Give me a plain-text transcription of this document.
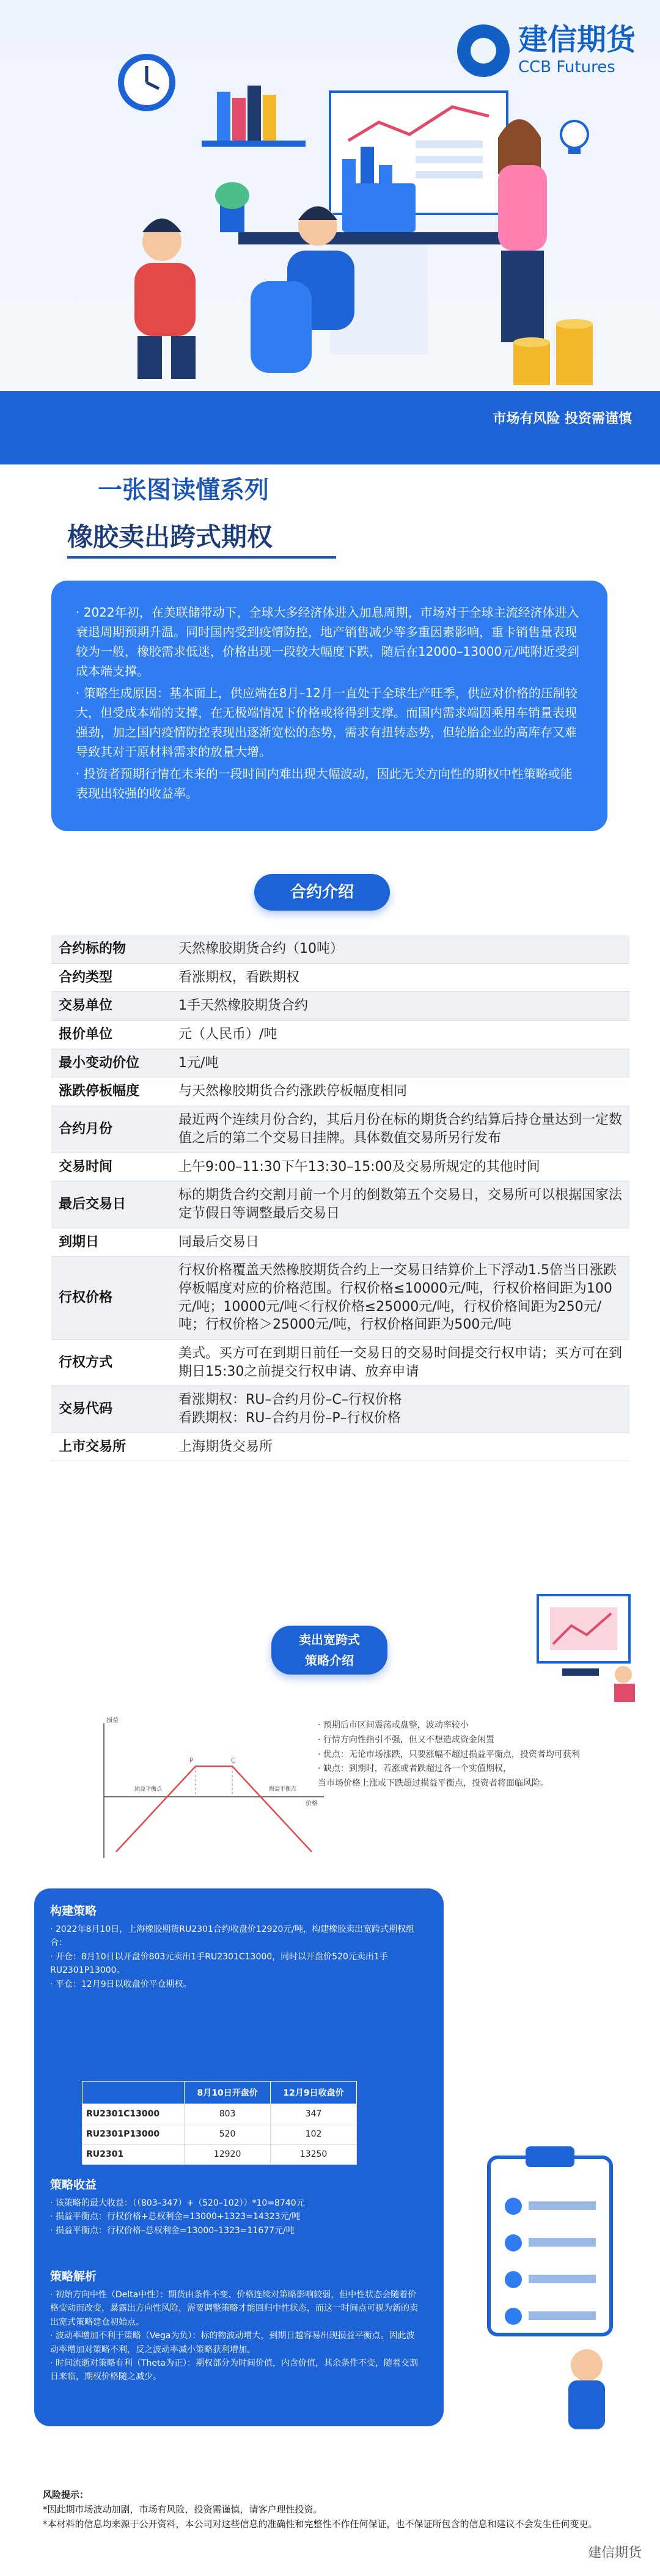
建信期货
CCB Futures
市场有风险 投资需谨慎
一张图读懂系列
橡胶卖出跨式期权

· 2022年初，在美联储带动下，全球大多经济体进入加息周期，市场对于全球主流经济体进入衰退周期预期升温。同时国内受到疫情防控，地产销售减少等多重因素影响，重卡销售量表现较为一般，橡胶需求低迷，价格出现一段较大幅度下跌，随后在12000–13000元/吨附近受到成本端支撑。

· 策略生成原因：基本面上，供应端在8月–12月一直处于全球生产旺季，供应对价格的压制较大，但受成本端的支撑，在无极端情况下价格或将得到支撑。而国内需求端因乘用车销量表现强劲，加之国内疫情防控表现出逐渐宽松的态势，需求有扭转态势，但轮胎企业的高库存又难导致其对于原材料需求的放量大增。

· 投资者预期行情在未来的一段时间内难出现大幅波动，因此无关方向性的期权中性策略或能表现出较强的收益率。

合约介绍
合约标的物	天然橡胶期货合约（10吨）
合约类型	看涨期权，看跌期权
交易单位	1手天然橡胶期货合约
报价单位	元（人民币）/吨
最小变动价位	1元/吨
涨跌停板幅度	与天然橡胶期货合约涨跌停板幅度相同
合约月份	最近两个连续月份合约，其后月份在标的期货合约结算后持仓量达到一定数值之后的第二个交易日挂牌。具体数值交易所另行发布
交易时间	上午9:00–11:30下午13:30–15:00及交易所规定的其他时间
最后交易日	标的期货合约交割月前一个月的倒数第五个交易日，交易所可以根据国家法定节假日等调整最后交易日
到期日	同最后交易日
行权价格	行权价格覆盖天然橡胶期货合约上一交易日结算价上下浮动1.5倍当日涨跌停板幅度对应的价格范围。行权价格≤10000元/吨，行权价格间距为100元/吨；10000元/吨＜行权价格≤25000元/吨，行权价格间距为250元/吨；行权价格＞25000元/吨，行权价格间距为500元/吨
行权方式	美式。买方可在到期日前任一交易日的交易时间提交行权申请；买方可在到期日15:30之前提交行权申请、放弃申请
交易代码	看涨期权：RU–合约月份–C–行权价格
看跌期权：RU–合约月份–P–行权价格
上市交易所	上海期货交易所
卖出宽跨式
策略介绍
损益
价格
C
P
损益平衡点	损益平衡点
· 预期后市区间震荡或盘整，波动率较小
· 行情方向性指引不强，但又不想造成资金闲置
· 优点：无论市场涨跌，只要涨幅不超过损益平衡点，投资者均可获利
· 缺点：到期时，若涨或者跌超过各一个实值期权，
当市场价格上涨或下跌超过损益平衡点，投资者将面临风险。
构建策略
· 2022年8月10日，上海橡胶期货RU2301合约收盘价12920元/吨，构建橡胶卖出宽跨式期权组合：
· 开仓：8月10日以开盘价803元卖出1手RU2301C13000，同时以开盘价520元卖出1手RU2301P13000。
· 平仓：12月9日以收盘价平仓期权。
策略收益
· 该策略的最大收益：（（803–347）+（520–102））*10=8740元
· 损益平衡点：行权价格+总权利金=13000+1323=14323元/吨
· 损益平衡点：行权价格–总权利金=13000–1323=11677元/吨
策略解析
· 初始方向中性（Delta中性）：期货由条件不变、价格连续对策略影响较弱，但中性状态会随着价格变动而改变，暴露出方向性风险，需要调整策略才能回归中性状态，而这一时间点可视为新的卖出宽式策略建仓初始点。
· 波动率增加不利于策略（Vega为负）：标的物波动增大，到期日越容易出现损益平衡点。因此波动率增加对策略不利，反之波动率减小策略获利增加。
· 时间流逝对策略有利（Theta为正）：期权部分为时间价值，内含价值，其余条件不变，随着交割日来临，期权价格随之减少。
	8月10日开盘价	12月9日收盘价
RU2301C13000	803	347
RU2301P13000	520	102
RU2301	12920	13250
风险提示：
*因此期市场波动加剧，市场有风险，投资需谨慎，请客户理性投资。
*本材料的信息均来源于公开资料，本公司对这些信息的准确性和完整性不作任何保证，也不保证所包含的信息和建议不会发生任何变更。
建信期货
